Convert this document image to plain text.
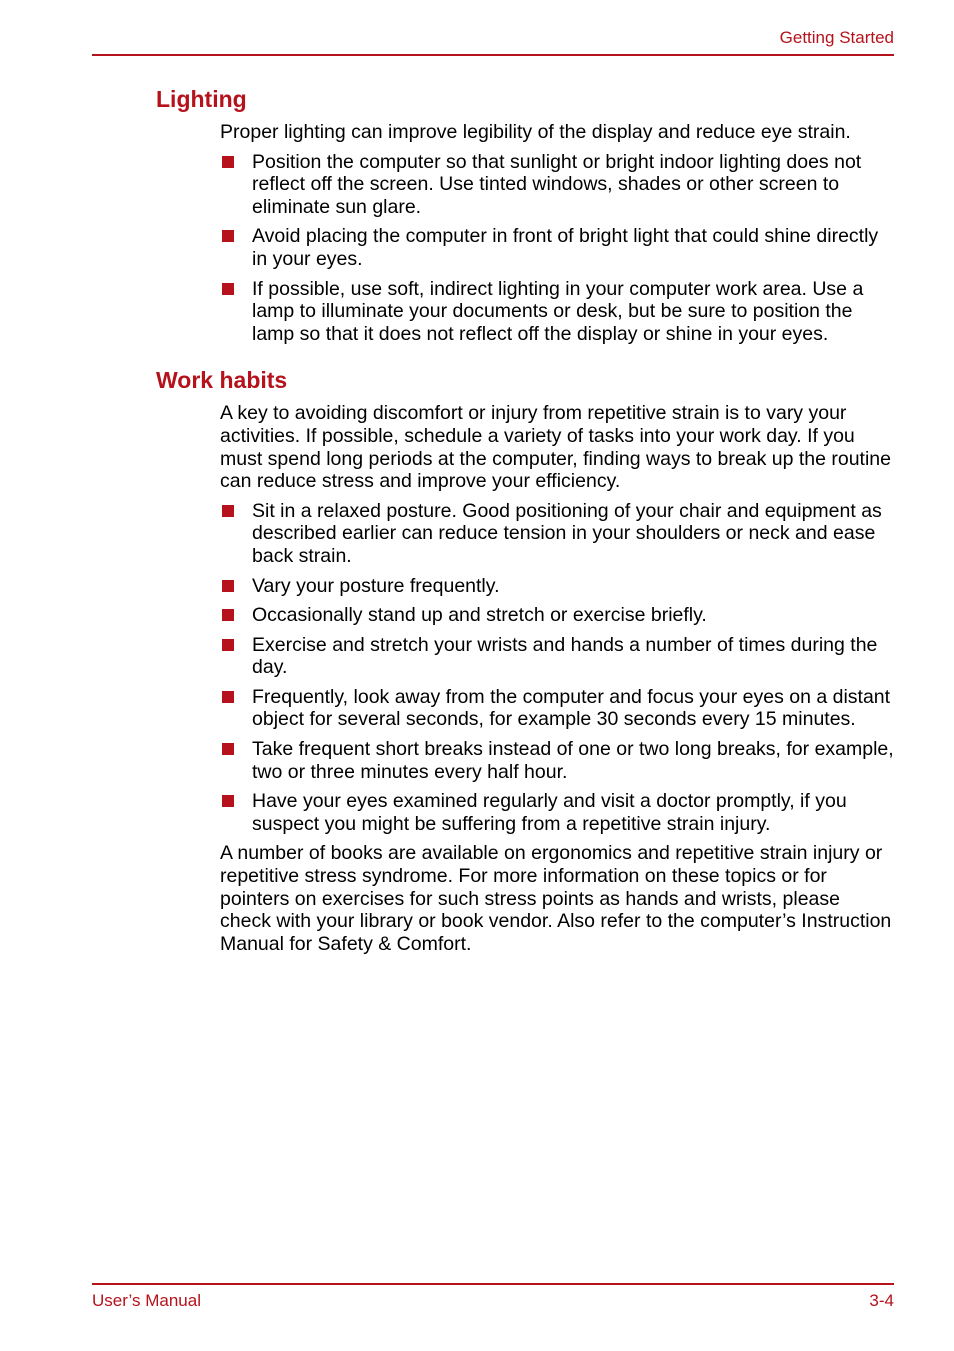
Getting Started
Lighting

Proper lighting can improve legibility of the display and reduce eye strain.

Position the computer so that sunlight or bright indoor lighting does not reflect off the screen. Use tinted windows, shades or other screen to eliminate sun glare.
Avoid placing the computer in front of bright light that could shine directly in your eyes.
If possible, use soft, indirect lighting in your computer work area. Use a lamp to illuminate your documents or desk, but be sure to position the lamp so that it does not reflect off the display or shine in your eyes.
Work habits

A key to avoiding discomfort or injury from repetitive strain is to vary your activities. If possible, schedule a variety of tasks into your work day. If you must spend long periods at the computer, finding ways to break up the routine can reduce stress and improve your efficiency.

Sit in a relaxed posture. Good positioning of your chair and equipment as described earlier can reduce tension in your shoulders or neck and ease back strain.
Vary your posture frequently.
Occasionally stand up and stretch or exercise briefly.
Exercise and stretch your wrists and hands a number of times during the day.
Frequently, look away from the computer and focus your eyes on a distant object for several seconds, for example 30 seconds every 15 minutes.
Take frequent short breaks instead of one or two long breaks, for example, two or three minutes every half hour.
Have your eyes examined regularly and visit a doctor promptly, if you suspect you might be suffering from a repetitive strain injury.

A number of books are available on ergonomics and repetitive strain injury or repetitive stress syndrome. For more information on these topics or for pointers on exercises for such stress points as hands and wrists, please check with your library or book vendor. Also refer to the computer’s Instruction Manual for Safety & Comfort.

User’s Manual	3-4
